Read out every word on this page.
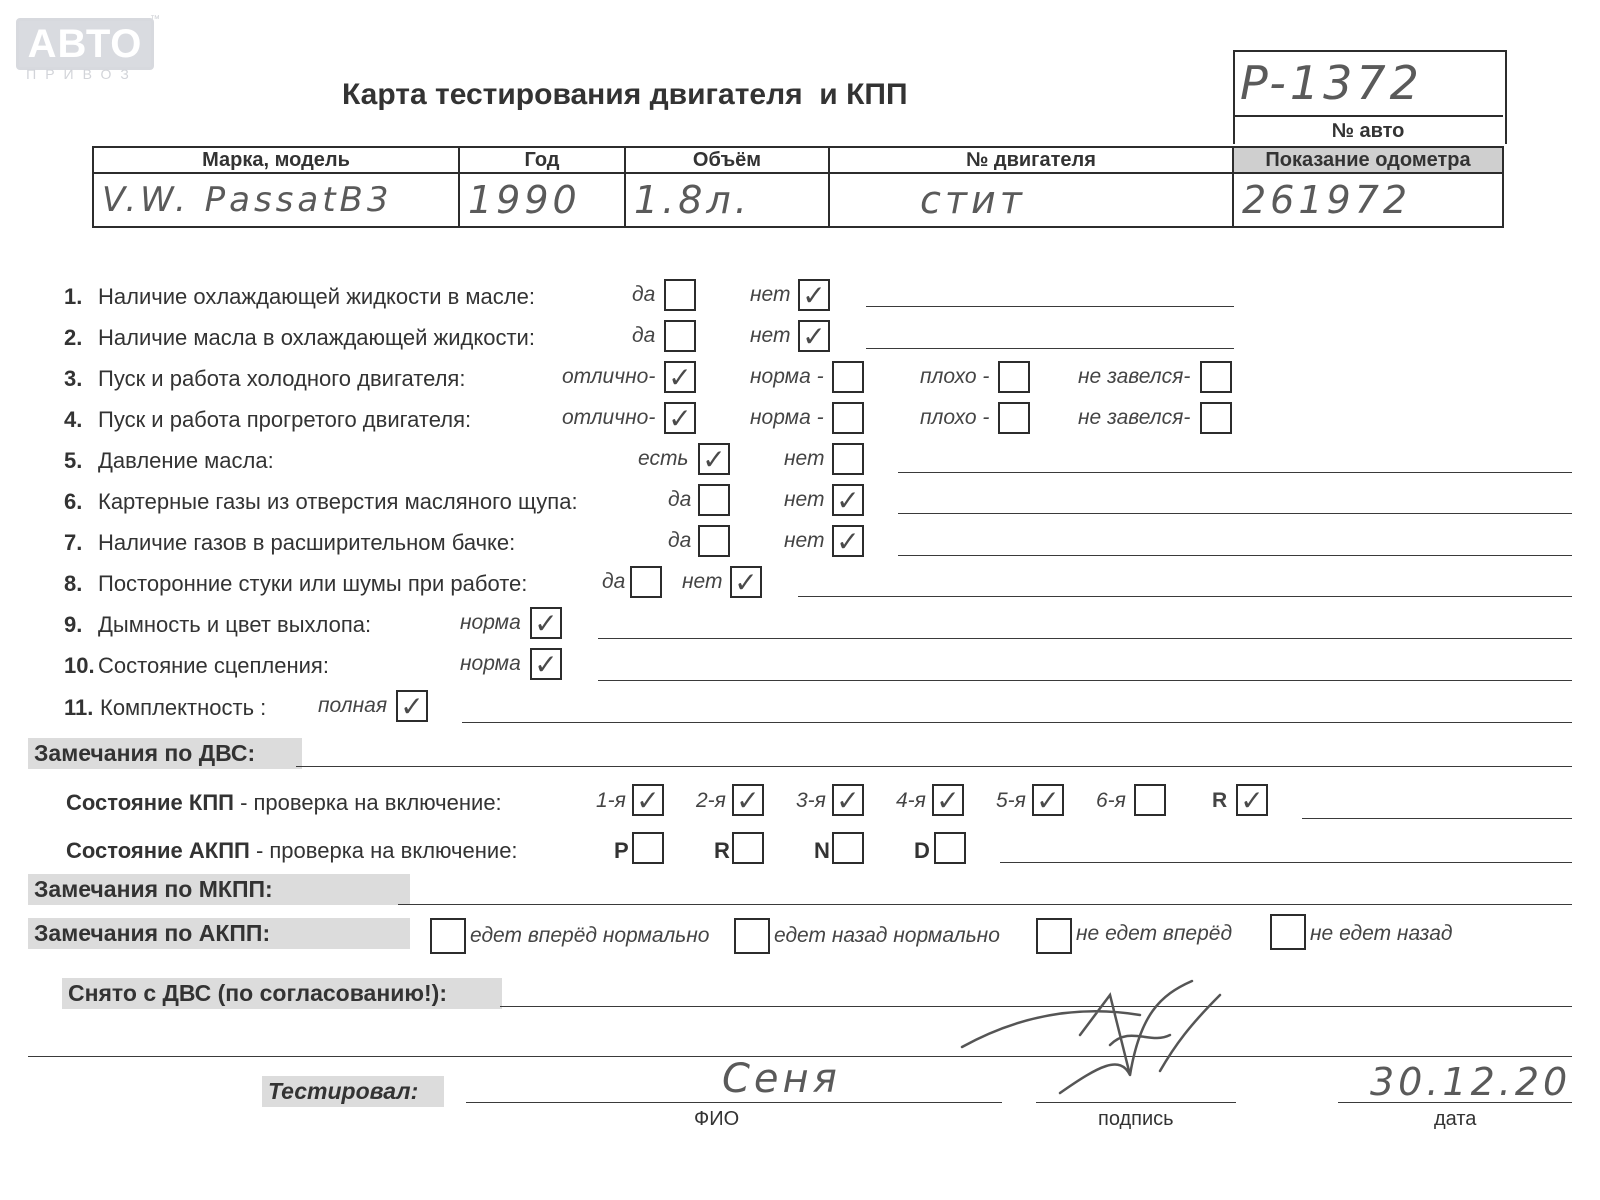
АВТО
™
ПРИВОЗ
Карта тестирования двигателя  и КПП	P-1372
№ авто
Марка, модель	Год	Объём	№ двигателя	Показание одометра
V.W. PassatB3	1990	1.8л.	стит	261972
1. Наличие охлаждающей жидкости в масле:	да	нет ✓
2. Наличие масла в охлаждающей жидкости:	да	нет ✓
3. Пуск и работа холодного двигателя:	отлично- ✓	норма -	плохо -	не завелся-
4. Пуск и работа прогретого двигателя:	отлично- ✓	норма -	плохо -	не завелся-
5. Давление масла:	есть ✓	нет
6. Картерные газы из отверстия масляного щупа:	да	нет ✓
7. Наличие газов в расширительном бачке:	да	нет ✓
8. Посторонние стуки или шумы при работе:	да	нет ✓
9. Дымность и цвет выхлопа:	норма ✓
10. Состояние сцепления:	норма ✓
11. Комплектность : полная ✓
Замечания по ДВС:
Состояние КПП - проверка на включение:	1-я ✓ 2-я ✓ 3-я ✓ 4-я ✓ 5-я ✓ 6-я	R ✓
Состояние АКПП - проверка на включение:	P	R	N	D
Замечания по МКПП:
Замечания по АКПП:	едет вперёд нормально	едет назад нормально	не едет вперёд	не едет назад
Снято с ДВС (по согласованию!):
Тестировал:	Сеня
ФИО	подпись
30.12.20
дата
